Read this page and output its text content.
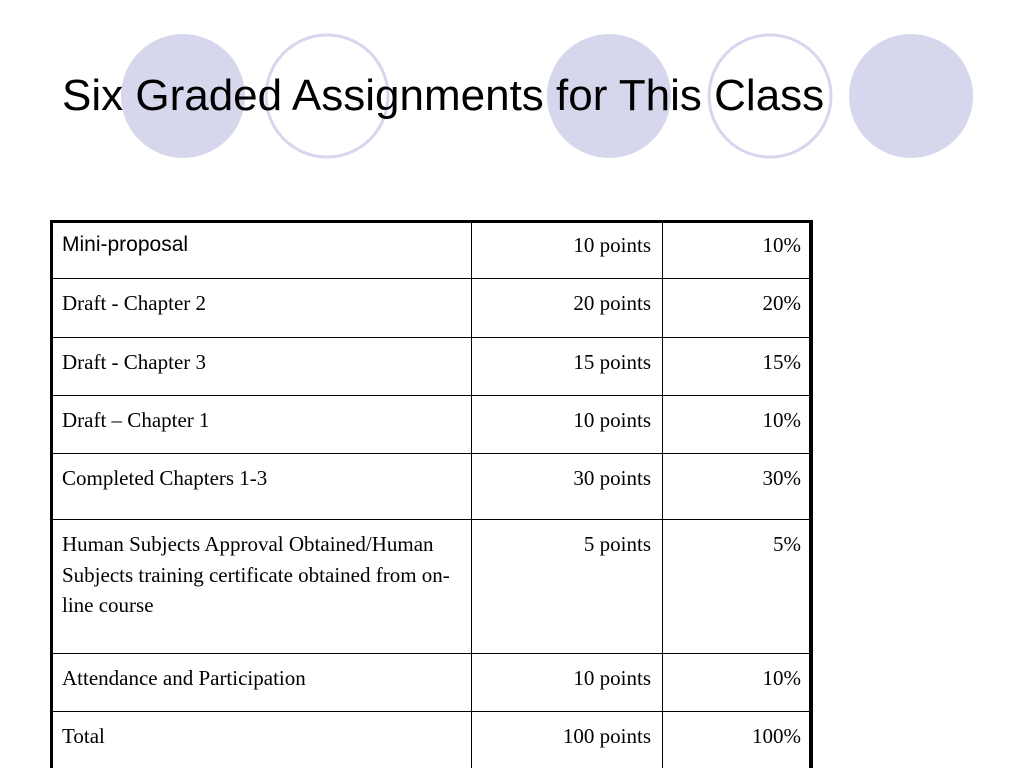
Six Graded Assignments for This Class
Mini-proposal	10 points	10%
Draft - Chapter 2	20 points	20%
Draft - Chapter 3	15 points	15%
Draft – Chapter 1	10 points	10%
Completed Chapters 1-3	30 points	30%
Human Subjects Approval Obtained/Human Subjects training certificate obtained from on-line course	5 points	5%
Attendance and Participation	10 points	10%
Total	100 points	100%
